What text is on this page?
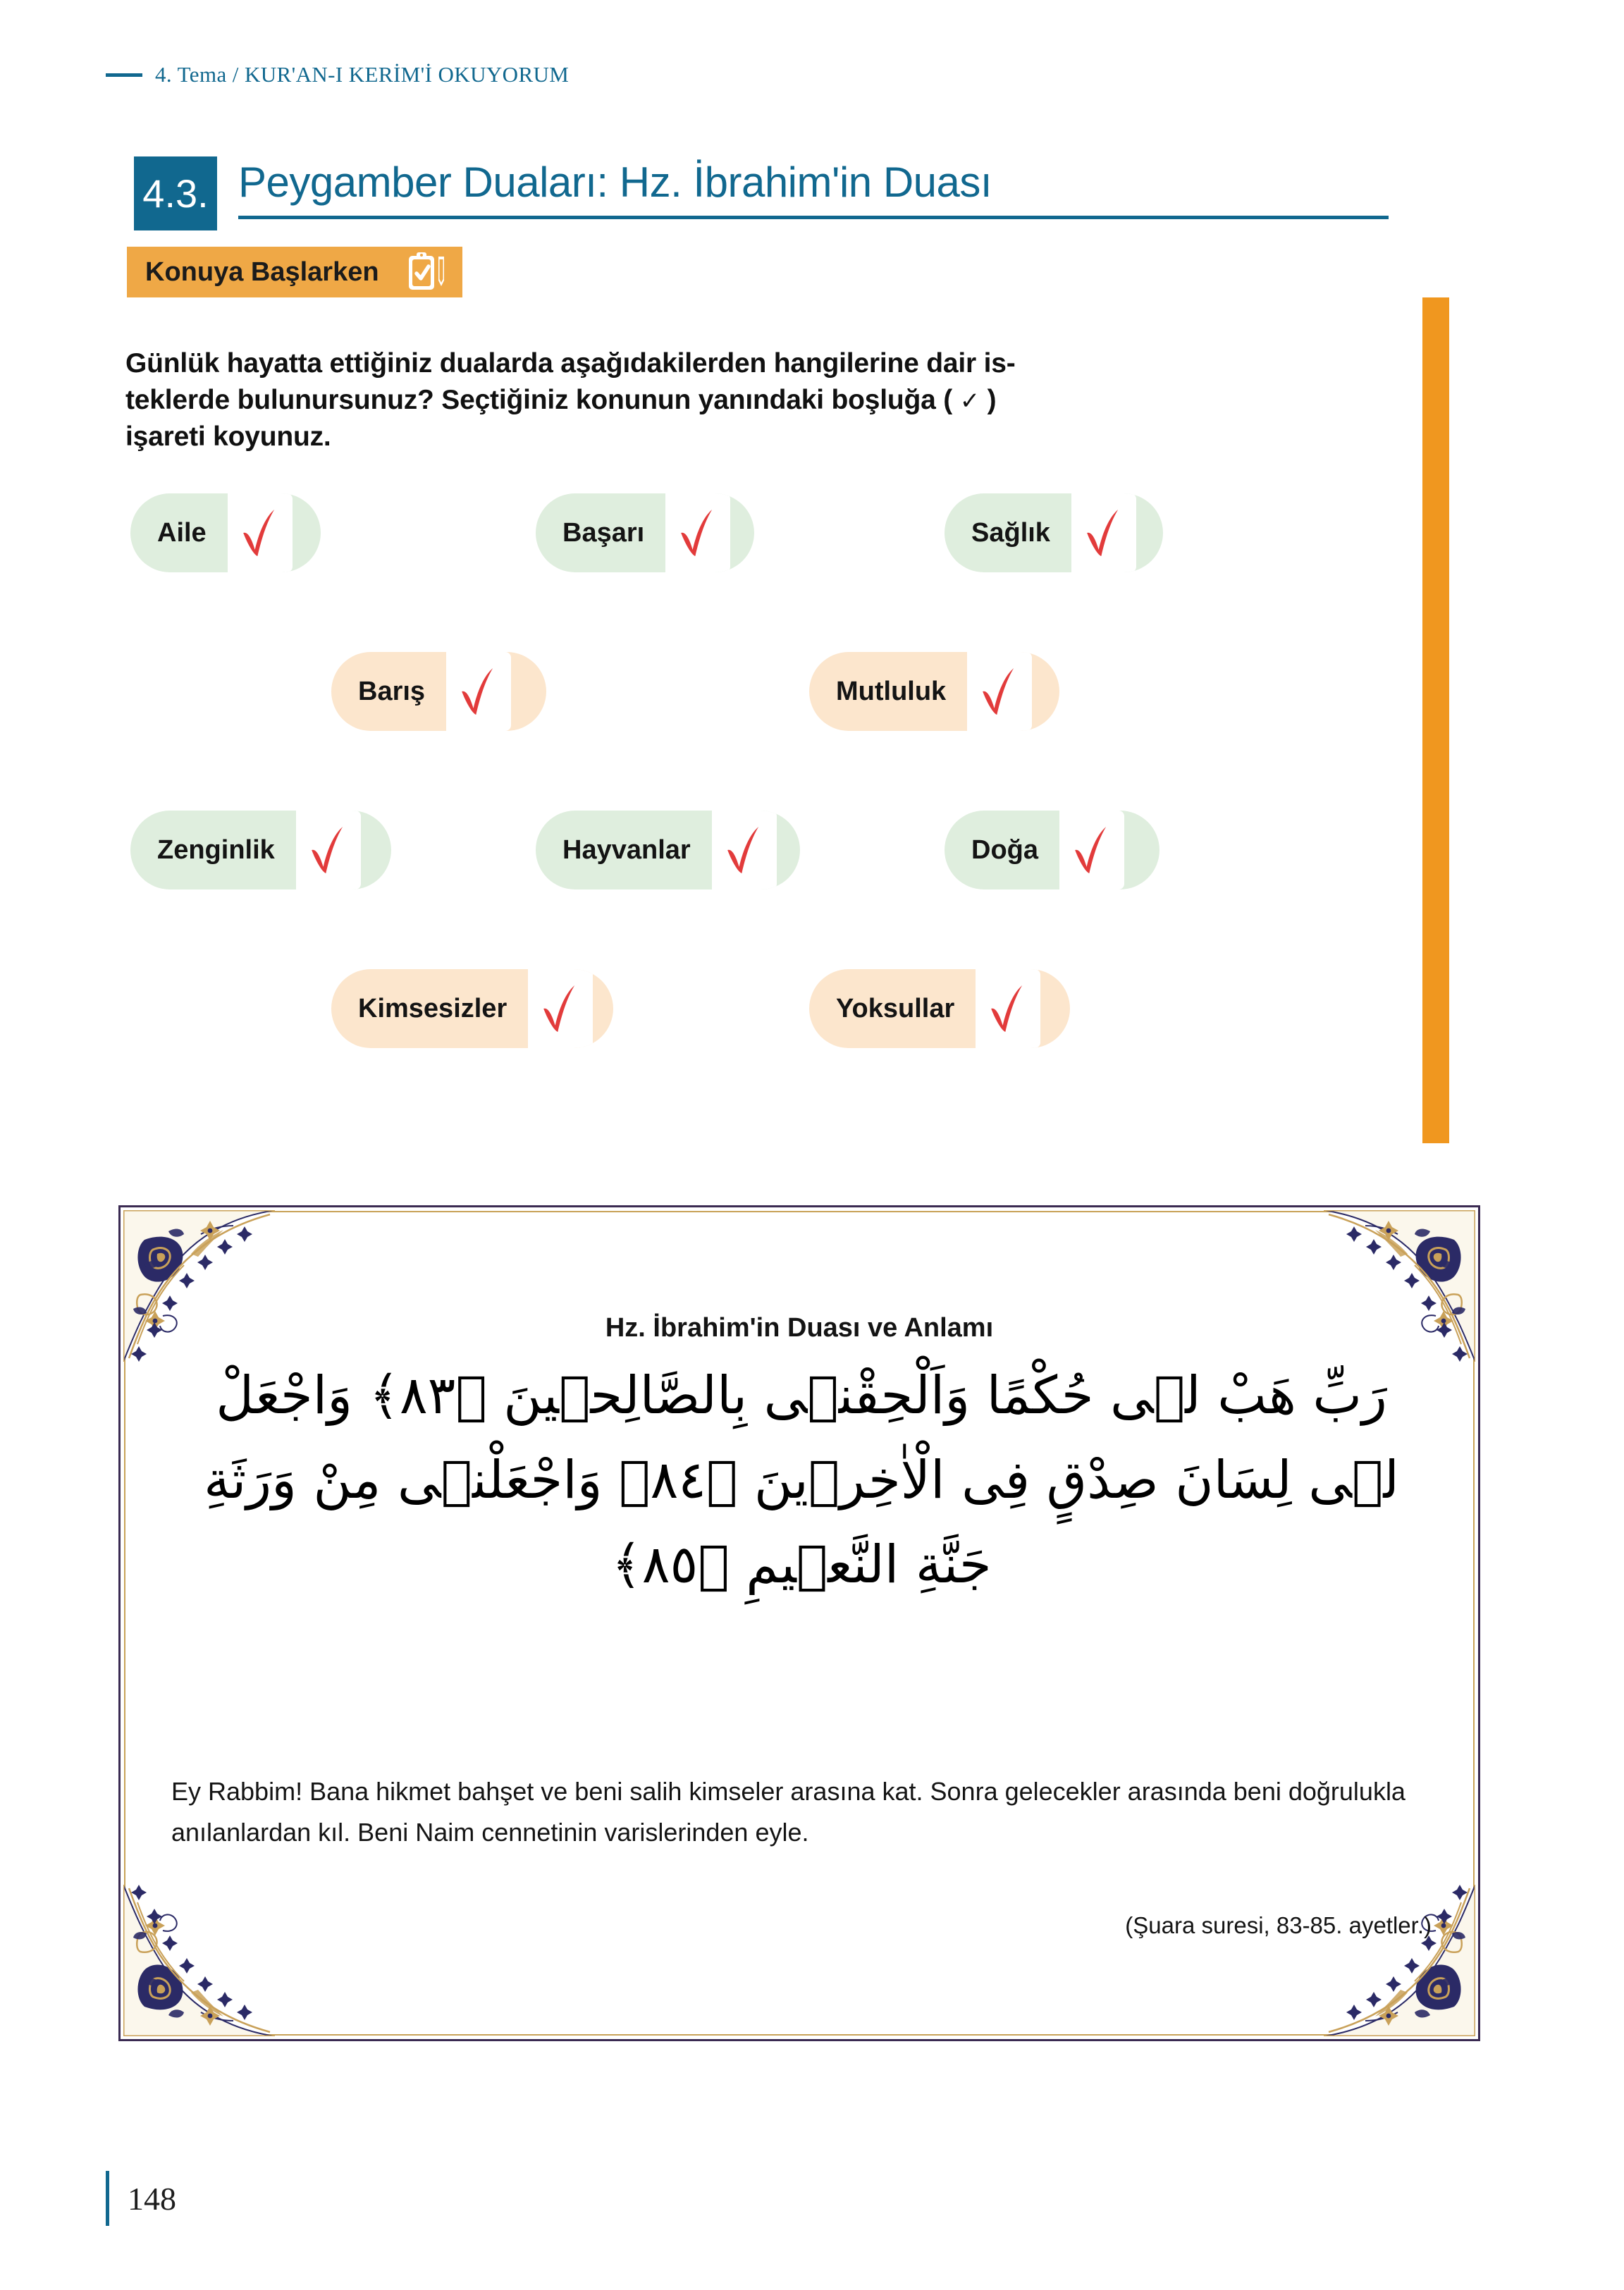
4. Tema / KUR'AN-I KERİM'İ OKUYORUM
4.3. Peygamber Duaları: Hz. İbrahim'in Duası
Konuya Başlarken
Günlük hayatta ettiğiniz dualarda aşağıdakilerden hangilerine dair is-
teklerde bulunursunuz? Seçtiğiniz konunun yanındaki boşluğa ( ✓ )
işareti koyunuz.
Aile	Başarı	Sağlık
Barış	Mutluluk
Zenginlik	Hayvanlar	Doğa
Kimsesizler	Yoksullar
Hz. İbrahim'in Duası ve Anlamı
رَبِّ هَبْ لٖى حُكْمًا وَاَلْحِقْنٖى بِالصَّالِحٖينَ ﴿٨٣﴾ وَاجْعَلْ
لٖى لِسَانَ صِدْقٍ فِى الْاٰخِرٖينَ ﴿٨٤﴾ وَاجْعَلْنٖى مِنْ وَرَثَةِ
جَنَّةِ النَّعٖيمِ ﴿٨٥﴾
Ey Rabbim! Bana hikmet bahşet ve beni salih kimseler arasına kat. Sonra gelecekler arasında beni doğrulukla anılanlardan kıl. Beni Naim cennetinin varislerinden eyle.
(Şuara suresi, 83-85. ayetler.)
148
